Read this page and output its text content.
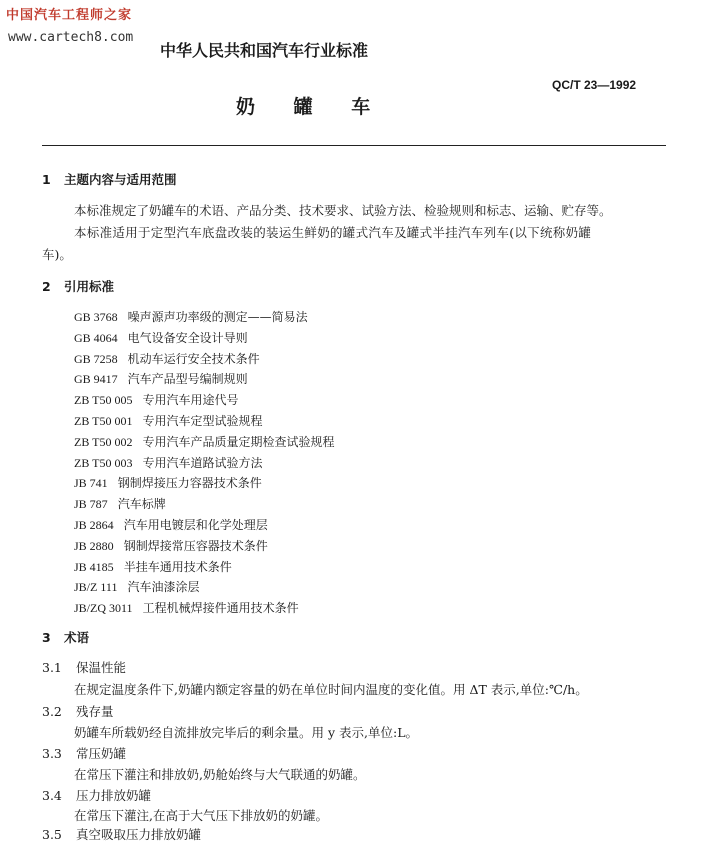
中国汽车工程师之家
www.cartech8.com
中华人民共和国汽车行业标准
QC/T 23—1992
奶 罐 车
1 主题内容与适用范围
本标准规定了奶罐车的术语、产品分类、技术要求、试验方法、检验规则和标志、运输、贮存等。
本标准适用于定型汽车底盘改装的装运生鲜奶的罐式汽车及罐式半挂汽车列车(以下统称奶罐
车)。
2 引用标准
GB 3768 噪声源声功率级的测定——简易法
GB 4064 电气设备安全设计导则
GB 7258 机动车运行安全技术条件
GB 9417 汽车产品型号编制规则
ZB T50 005 专用汽车用途代号
ZB T50 001 专用汽车定型试验规程
ZB T50 002 专用汽车产品质量定期检查试验规程
ZB T50 003 专用汽车道路试验方法
JB 741 钢制焊接压力容器技术条件
JB 787 汽车标牌
JB 2864 汽车用电镀层和化学处理层
JB 2880 钢制焊接常压容器技术条件
JB 4185 半挂车通用技术条件
JB/Z 111 汽车油漆涂层
JB/ZQ 3011 工程机械焊接件通用技术条件
3 术语
3.1 保温性能
在规定温度条件下,奶罐内额定容量的奶在单位时间内温度的变化值。用 ΔT 表示,单位:℃/h。
3.2 残存量
奶罐车所载奶经自流排放完毕后的剩余量。用 y 表示,单位:L。
3.3 常压奶罐
在常压下灌注和排放奶,奶舱始终与大气联通的奶罐。
3.4 压力排放奶罐
在常压下灌注,在高于大气压下排放奶的奶罐。
3.5 真空吸取压力排放奶罐
